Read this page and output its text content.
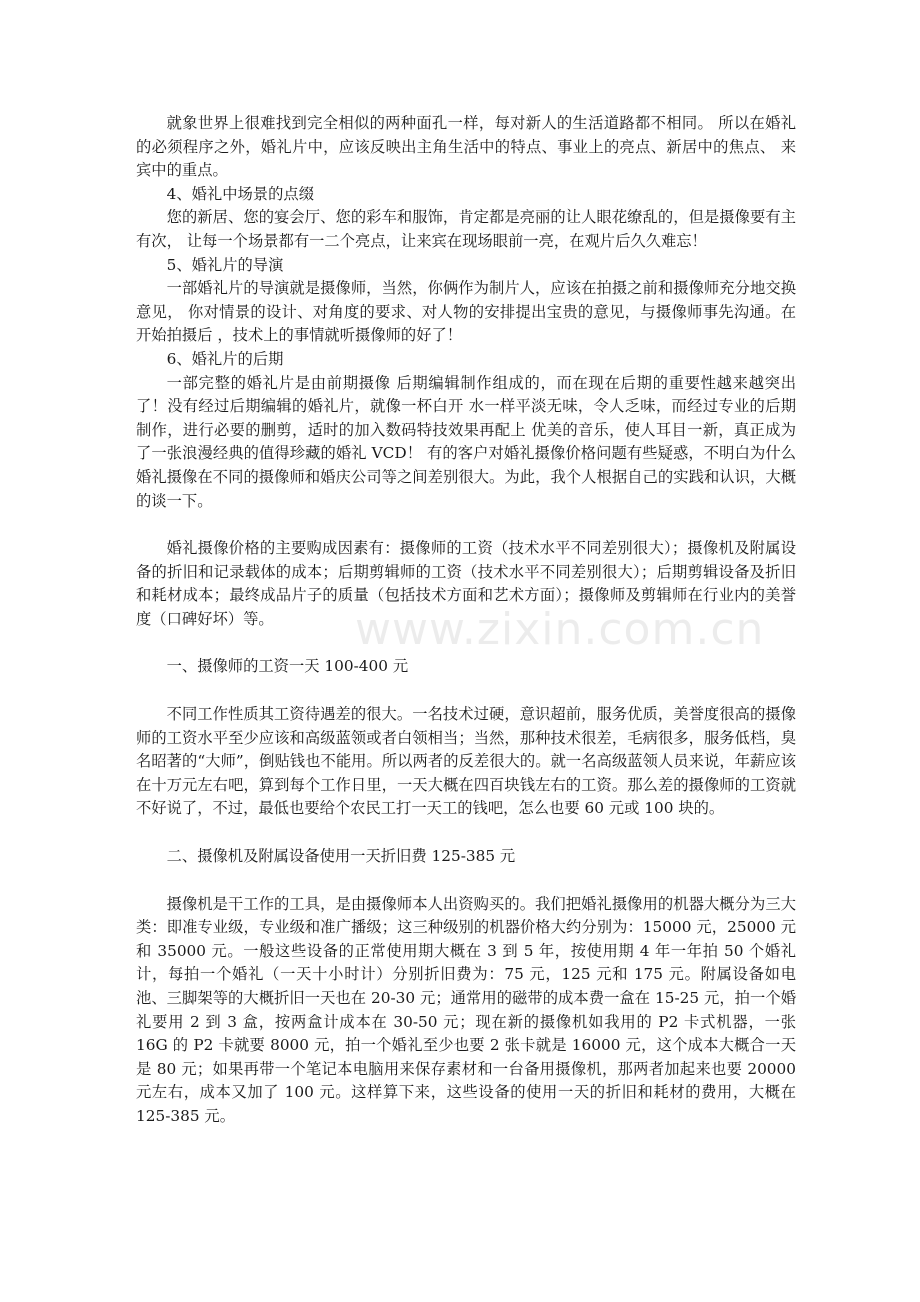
就象世界上很难找到完全相似的两种面孔一样，每对新人的生活道路都不相同。 所以在婚礼的必须程序之外，婚礼片中，应该反映出主角生活中的特点、事业上的亮点、新居中的焦点、 来宾中的重点。

4、婚礼中场景的点缀

您的新居、您的宴会厅、您的彩车和服饰，肯定都是亮丽的让人眼花缭乱的，但是摄像要有主有次， 让每一个场景都有一二个亮点，让来宾在现场眼前一亮，在观片后久久难忘！

5、婚礼片的导演

一部婚礼片的导演就是摄像师，当然，你俩作为制片人，应该在拍摄之前和摄像师充分地交换意见， 你对情景的设计、对角度的要求、对人物的安排提出宝贵的意见，与摄像师事先沟通。在开始拍摄后 ，技术上的事情就听摄像师的好了！

6、婚礼片的后期

一部完整的婚礼片是由前期摄像 后期编辑制作组成的，而在现在后期的重要性越来越突出了！没有经过后期编辑的婚礼片，就像一杯白开 水一样平淡无味，令人乏味，而经过专业的后期制作，进行必要的删剪，适时的加入数码特技效果再配上 优美的音乐，使人耳目一新，真正成为了一张浪漫经典的值得珍藏的婚礼 VCD！ 有的客户对婚礼摄像价格问题有些疑惑，不明白为什么婚礼摄像在不同的摄像师和婚庆公司等之间差别很大。为此，我个人根据自己的实践和认识，大概的谈一下。

婚礼摄像价格的主要购成因素有：摄像师的工资（技术水平不同差别很大）；摄像机及附属设备的折旧和记录载体的成本；后期剪辑师的工资（技术水平不同差别很大）；后期剪辑设备及折旧和耗材成本；最终成品片子的质量（包括技术方面和艺术方面）；摄像师及剪辑师在行业内的美誉度（口碑好坏）等。

一、摄像师的工资一天 100-400 元

不同工作性质其工资待遇差的很大。一名技术过硬，意识超前，服务优质，美誉度很高的摄像师的工资水平至少应该和高级蓝领或者白领相当；当然，那种技术很差，毛病很多，服务低档，臭名昭著的“大师”，倒贴钱也不能用。所以两者的反差很大的。就一名高级蓝领人员来说，年薪应该在十万元左右吧，算到每个工作日里，一天大概在四百块钱左右的工资。那么差的摄像师的工资就不好说了，不过，最低也要给个农民工打一天工的钱吧，怎么也要 60 元或 100 块的。

二、摄像机及附属设备使用一天折旧费 125-385 元

摄像机是干工作的工具，是由摄像师本人出资购买的。我们把婚礼摄像用的机器大概分为三大类：即准专业级，专业级和准广播级；这三种级别的机器价格大约分别为：15000 元，25000 元和 35000 元。一般这些设备的正常使用期大概在 3 到 5 年，按使用期 4 年一年拍 50 个婚礼计，每拍一个婚礼（一天十小时计）分别折旧费为：75 元，125 元和 175 元。附属设备如电池、三脚架等的大概折旧一天也在 20-30 元；通常用的磁带的成本费一盒在 15-25 元，拍一个婚礼要用 2 到 3 盒，按两盒计成本在 30-50 元；现在新的摄像机如我用的 P2 卡式机器，一张 16G 的 P2 卡就要 8000 元，拍一个婚礼至少也要 2 张卡就是 16000 元，这个成本大概合一天是 80 元；如果再带一个笔记本电脑用来保存素材和一台备用摄像机，那两者加起来也要 20000 元左右，成本又加了 100 元。这样算下来，这些设备的使用一天的折旧和耗材的费用，大概在 125-385 元。

www.zixin.com.cn
